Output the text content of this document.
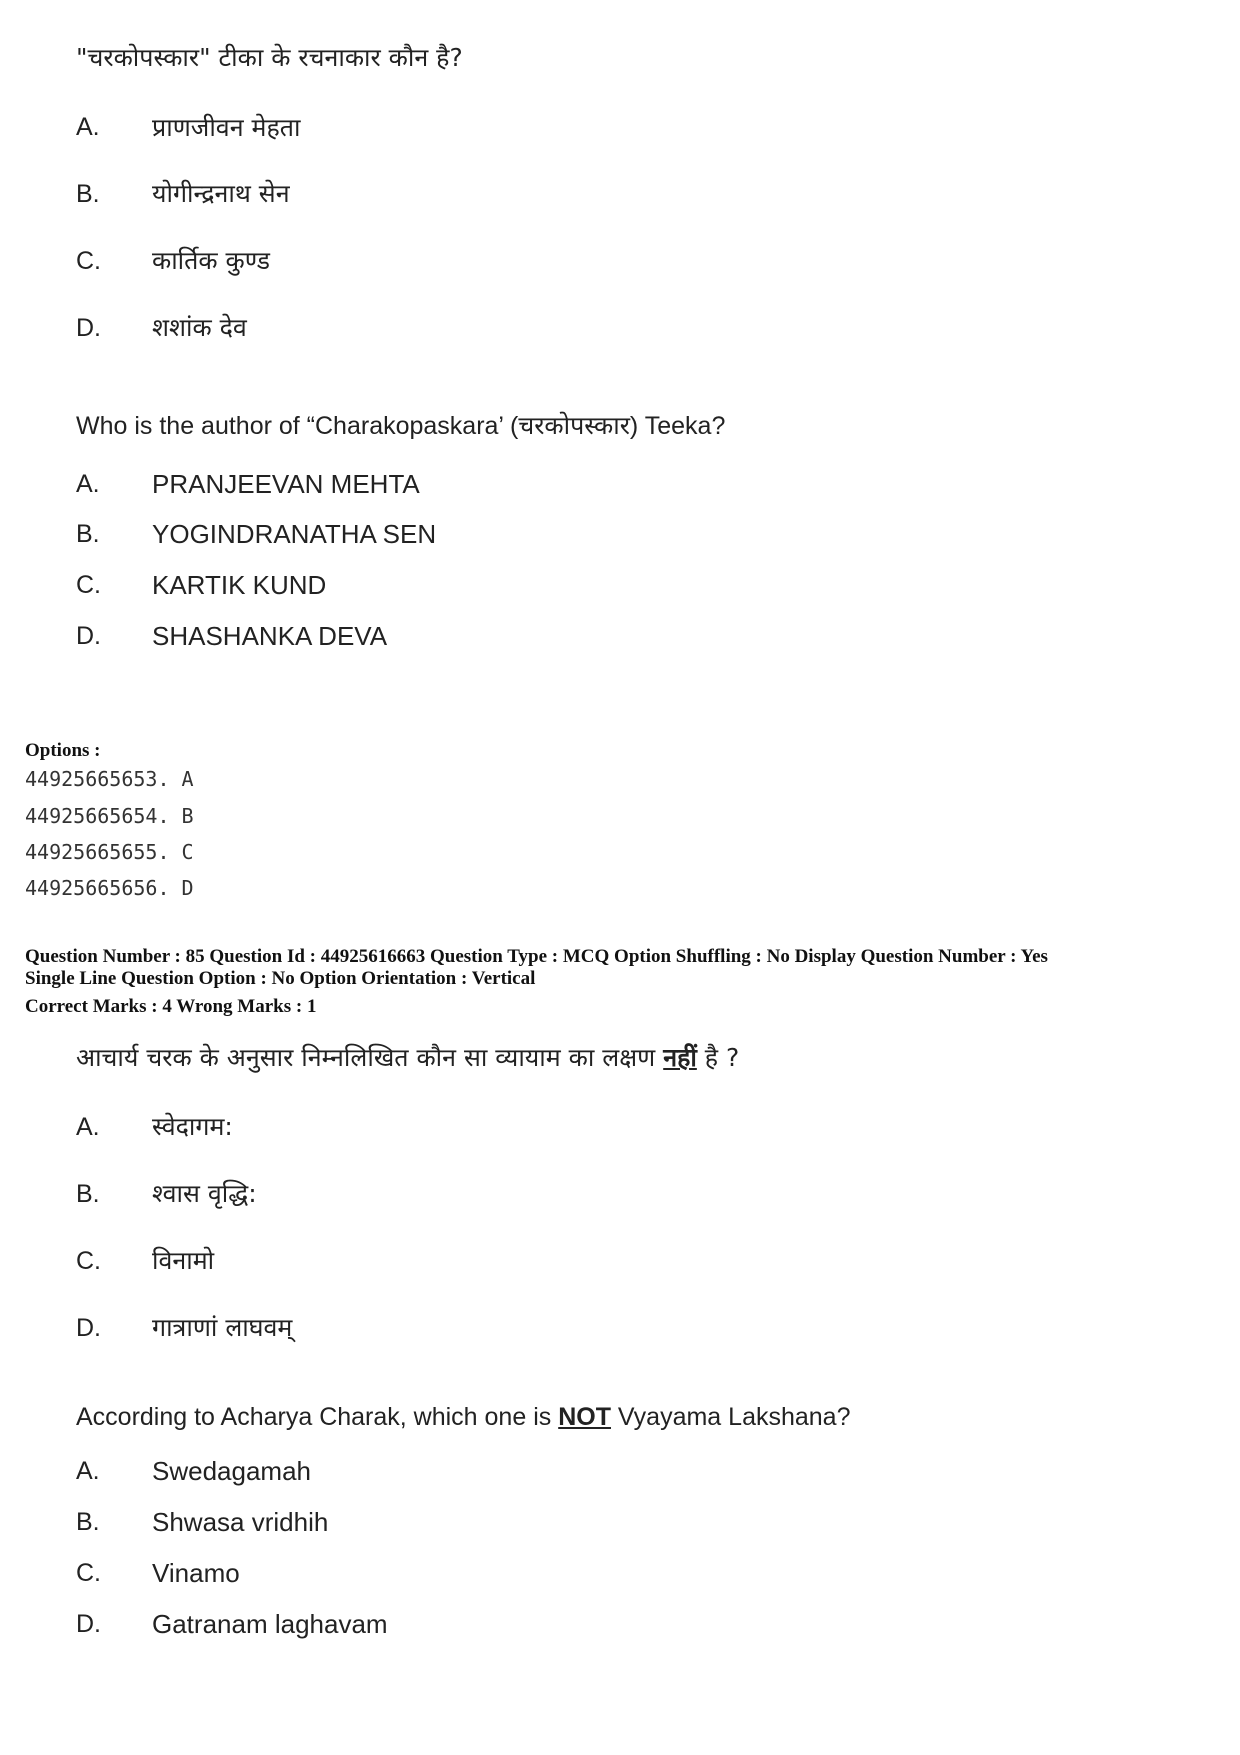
"चरकोपस्कार" टीका के रचनाकार कौन है?
A. प्राणजीवन मेहता
B. योगीन्द्रनाथ सेन
C. कार्तिक कुण्ड
D. शशांक देव
Who is the author of “Charakopaskara’ (चरकोपस्कार) Teeka?
A. PRANJEEVAN MEHTA
B. YOGINDRANATHA SEN
C. KARTIK KUND
D. SHASHANKA DEVA
Options :
44925665653. A
44925665654. B
44925665655. C
44925665656. D
Question Number : 85 Question Id : 44925616663 Question Type : MCQ Option Shuffling : No Display Question Number : Yes
Single Line Question Option : No Option Orientation : Vertical
Correct Marks : 4 Wrong Marks : 1
आचार्य चरक के अनुसार निम्नलिखित कौन सा व्यायाम का लक्षण नहीं है ?
A. स्वेदागम:
B. श्वास वृद्धि:
C. विनामो
D. गात्राणां लाघवम्
According to Acharya Charak, which one is NOT Vyayama Lakshana?
A. Swedagamah
B. Shwasa vridhih
C. Vinamo
D. Gatranam laghavam
